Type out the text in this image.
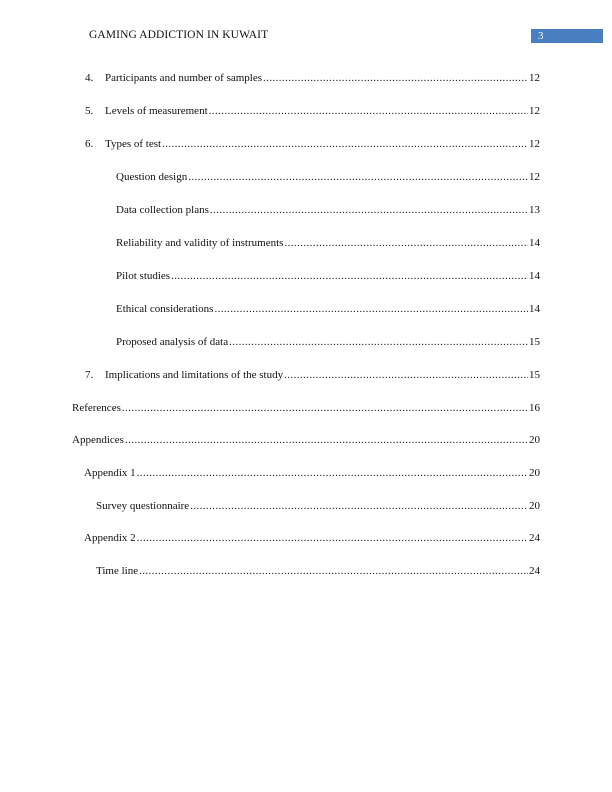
GAMING ADDICTION IN KUWAIT	3
4.	Participants and number of samples .....	12
5.	Levels of measurement .....	12
6.	Types of test .....	12
Question design .....	12
Data collection plans .....	13
Reliability and validity of instruments .....	14
Pilot studies .....	14
Ethical considerations .....	14
Proposed analysis of data .....	15
7.	Implications and limitations of the study .....	15
References .....	16
Appendices .....	20
Appendix 1 .....	20
Survey questionnaire .....	20
Appendix 2 .....	24
Time line .....	24
